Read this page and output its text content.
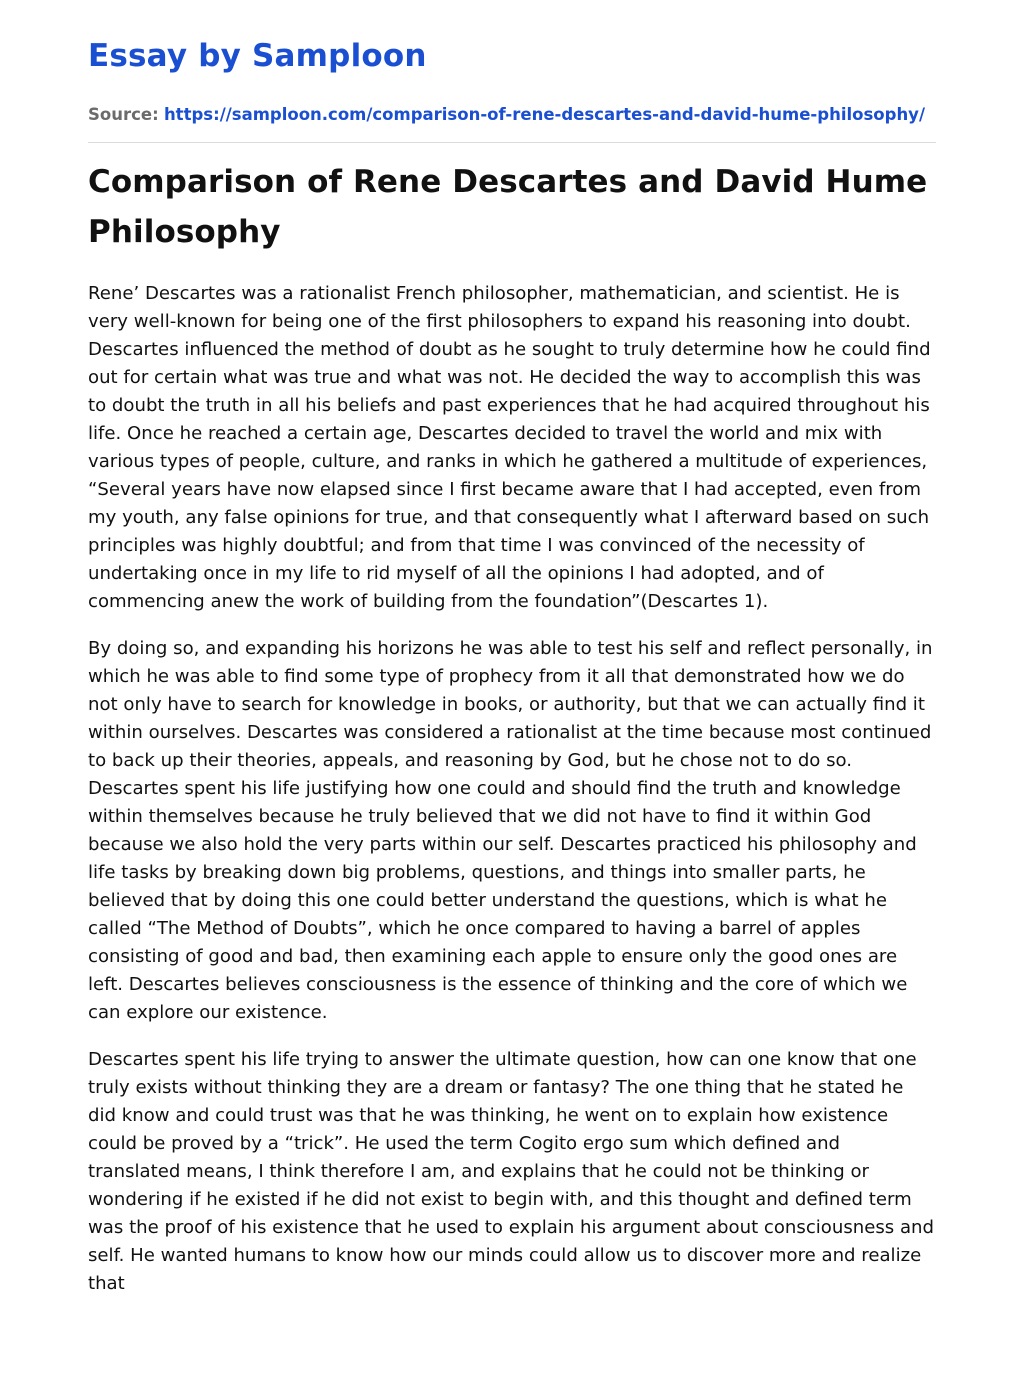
Essay by Samploon
Source: https://samploon.com/comparison-of-rene-descartes-and-david-hume-philosophy/
Comparison of Rene Descartes and David Hume Philosophy

Rene’ Descartes was a rationalist French philosopher, mathematician, and scientist. He is very well-known for being one of the first philosophers to expand his reasoning into doubt. Descartes influenced the method of doubt as he sought to truly determine how he could find out for certain what was true and what was not. He decided the way to accomplish this was to doubt the truth in all his beliefs and past experiences that he had acquired throughout his life. Once he reached a certain age, Descartes decided to travel the world and mix with various types of people, culture, and ranks in which he gathered a multitude of experiences, “Several years have now elapsed since I first became aware that I had accepted, even from my youth, any false opinions for true, and that consequently what I afterward based on such principles was highly doubtful; and from that time I was convinced of the necessity of undertaking once in my life to rid myself of all the opinions I had adopted, and of commencing anew the work of building from the foundation”(Descartes 1).

By doing so, and expanding his horizons he was able to test his self and reflect personally, in which he was able to find some type of prophecy from it all that demonstrated how we do not only have to search for knowledge in books, or authority, but that we can actually find it within ourselves. Descartes was considered a rationalist at the time because most continued to back up their theories, appeals, and reasoning by God, but he chose not to do so. Descartes spent his life justifying how one could and should find the truth and knowledge within themselves because he truly believed that we did not have to find it within God because we also hold the very parts within our self. Descartes practiced his philosophy and life tasks by breaking down big problems, questions, and things into smaller parts, he believed that by doing this one could better understand the questions, which is what he called “The Method of Doubts”, which he once compared to having a barrel of apples consisting of good and bad, then examining each apple to ensure only the good ones are left. Descartes believes consciousness is the essence of thinking and the core of which we can explore our existence.

Descartes spent his life trying to answer the ultimate question, how can one know that one truly exists without thinking they are a dream or fantasy? The one thing that he stated he did know and could trust was that he was thinking, he went on to explain how existence could be proved by a “trick”. He used the term Cogito ergo sum which defined and translated means, I think therefore I am, and explains that he could not be thinking or wondering if he existed if he did not exist to begin with, and this thought and defined term was the proof of his existence that he used to explain his argument about consciousness and self. He wanted humans to know how our minds could allow us to discover more and realize that
